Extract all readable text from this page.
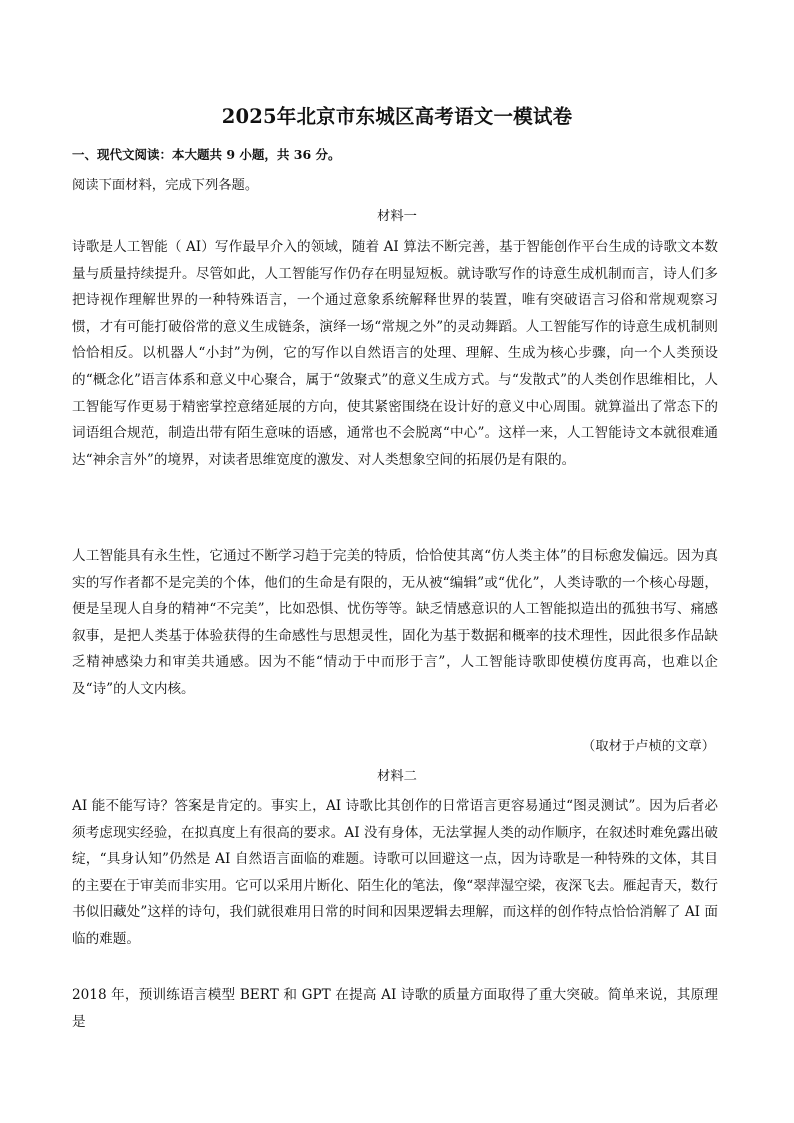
2025年北京市东城区高考语文一模试卷
一、现代文阅读：本大题共 9 小题，共 36 分。
阅读下面材料，完成下列各题。
材料一
诗歌是人工智能（ AI）写作最早介入的领域，随着 AI 算法不断完善，基于智能创作平台生成的诗歌文本数量与质量持续提升。尽管如此，人工智能写作仍存在明显短板。就诗歌写作的诗意生成机制而言，诗人们多把诗视作理解世界的一种特殊语言，一个通过意象系统解释世界的装置，唯有突破语言习俗和常规观察习惯，才有可能打破俗常的意义生成链条，演绎一场“常规之外”的灵动舞蹈。人工智能写作的诗意生成机制则恰恰相反。以机器人“小封”为例，它的写作以自然语言的处理、理解、生成为核心步骤，向一个人类预设的“概念化”语言体系和意义中心聚合，属于“敛聚式”的意义生成方式。与“发散式”的人类创作思维相比，人工智能写作更易于精密掌控意绪延展的方向，使其紧密围绕在设计好的意义中心周围。就算溢出了常态下的词语组合规范，制造出带有陌生意味的语感，通常也不会脱离“中心”。这样一来，人工智能诗文本就很难通达“神余言外”的境界，对读者思维宽度的激发、对人类想象空间的拓展仍是有限的。
人工智能具有永生性，它通过不断学习趋于完美的特质，恰恰使其离“仿人类主体”的目标愈发偏远。因为真实的写作者都不是完美的个体，他们的生命是有限的，无从被“编辑”或“优化”，人类诗歌的一个核心母题，便是呈现人自身的精神“不完美”，比如恐惧、忧伤等等。缺乏情感意识的人工智能拟造出的孤独书写、痛感叙事，是把人类基于体验获得的生命感性与思想灵性，固化为基于数据和概率的技术理性，因此很多作品缺乏精神感染力和审美共通感。因为不能“情动于中而形于言”，人工智能诗歌即使模仿度再高，也难以企及“诗”的人文内核。
（取材于卢桢的文章）
材料二
AI 能不能写诗？答案是肯定的。事实上，AI 诗歌比其创作的日常语言更容易通过“图灵测试”。因为后者必须考虑现实经验，在拟真度上有很高的要求。AI 没有身体，无法掌握人类的动作顺序，在叙述时难免露出破绽，“具身认知”仍然是 AI 自然语言面临的难题。诗歌可以回避这一点，因为诗歌是一种特殊的文体，其目的主要在于审美而非实用。它可以采用片断化、陌生化的笔法，像“翠萍湿空梁，夜深飞去。雁起青天，数行书似旧藏处”这样的诗句，我们就很难用日常的时间和因果逻辑去理解，而这样的创作特点恰恰消解了 AI 面临的难题。
2018 年，预训练语言模型 BERT 和 GPT 在提高 AI 诗歌的质量方面取得了重大突破。简单来说，其原理是
